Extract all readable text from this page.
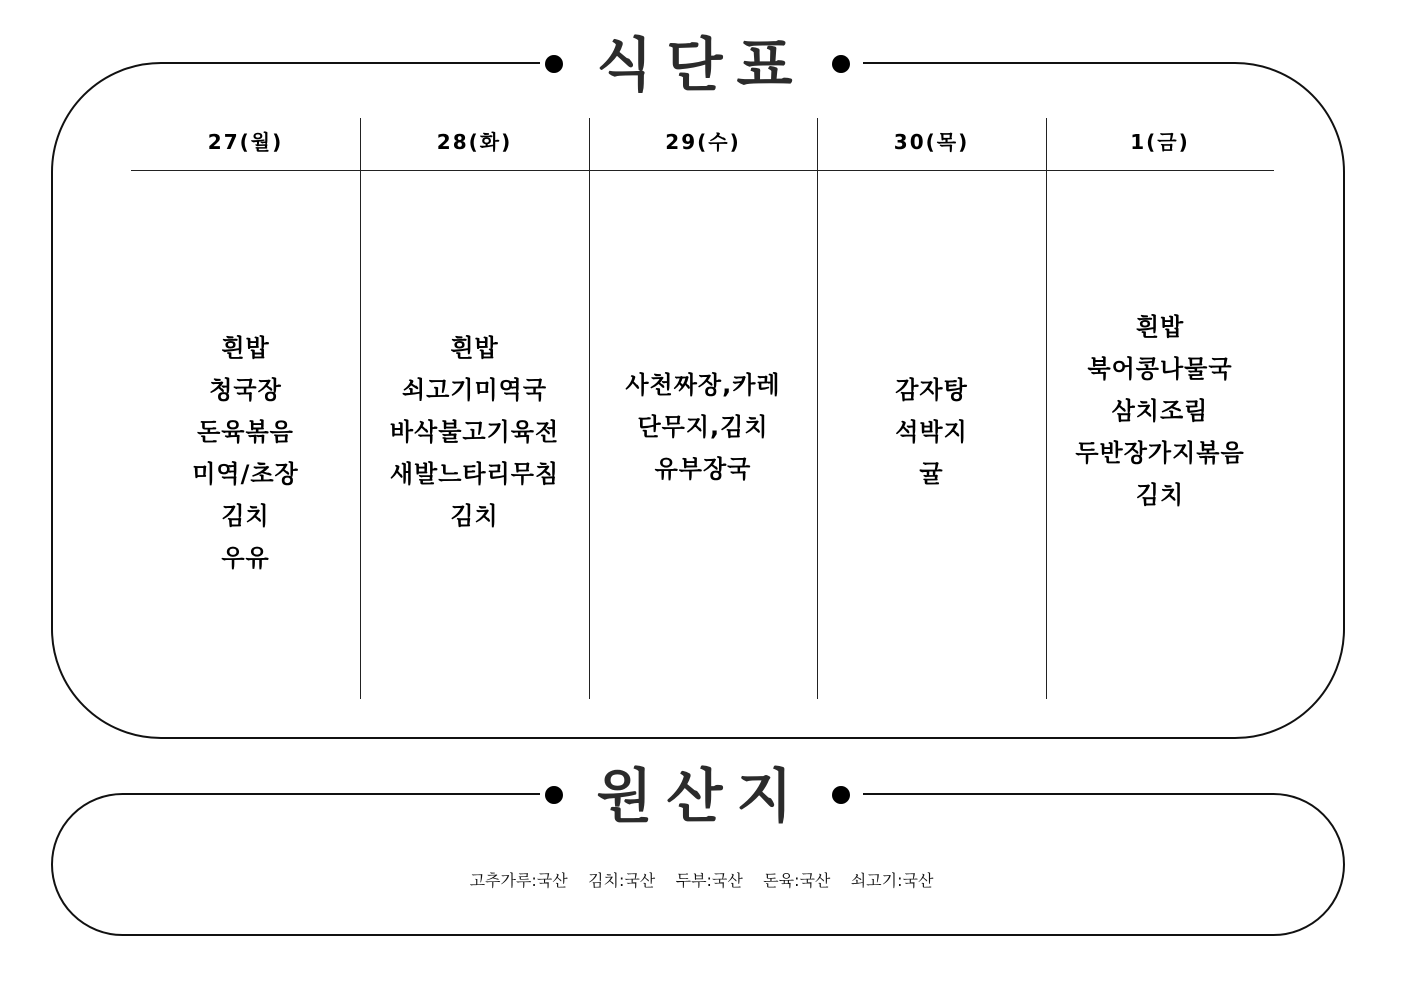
식단표
27(월)
흰밥
청국장
돈육볶음
미역/초장
김치
우유
28(화)
흰밥
쇠고기미역국
바삭불고기육전
새발느타리무침
김치
29(수)
사천짜장,카레
단무지,김치
유부장국
30(목)
감자탕
석박지
귤
1(금)
흰밥
북어콩나물국
삼치조림
두반장가지볶음
김치
원산지
고추가루:국산    김치:국산    두부:국산    돈육:국산    쇠고기:국산
